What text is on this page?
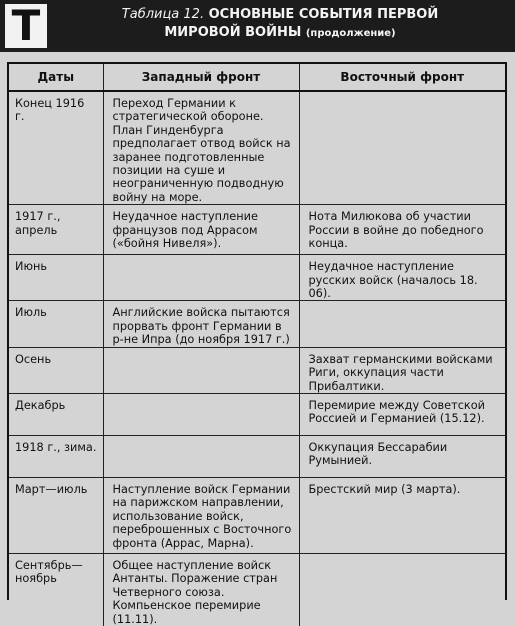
Т	Таблица 12. ОСНОВНЫЕ СОБЫТИЯ ПЕРВОЙ
МИРОВОЙ ВОЙНЫ (продолжение)
Даты	Западный фронт	Восточный фронт
Конец 1916 г.	Переход Германии к стратегической обороне. План Гинденбурга предполагает отвод войск на заранее подготовленные позиции на суше и неограниченную подводную войну на море.	
1917 г., апрель	Неудачное наступление французов под Аррасом («бойня Нивеля»).	Нота Милюкова об участии России в войне до победного конца.
Июнь		Неудачное наступление русских войск (началось 18. 06).
Июль	Английские войска пытаются прорвать фронт Германии в р-не Ипра (до ноября 1917 г.)	
Осень		Захват германскими войсками Риги, оккупация части Прибалтики.
Декабрь		Перемирие между Советской Россией и Германией (15.12).
1918 г., зима.		Оккупация Бессарабии Румынией.
Март—июль	Наступление войск Германии на парижском направлении, использование войск, переброшенных с Восточного фронта (Аррас, Марна).	Брестский мир (3 марта).
Сентябрь—ноябрь	Общее наступление войск Антанты. Поражение стран Четверного союза. Компьенское перемирие (11.11).	
